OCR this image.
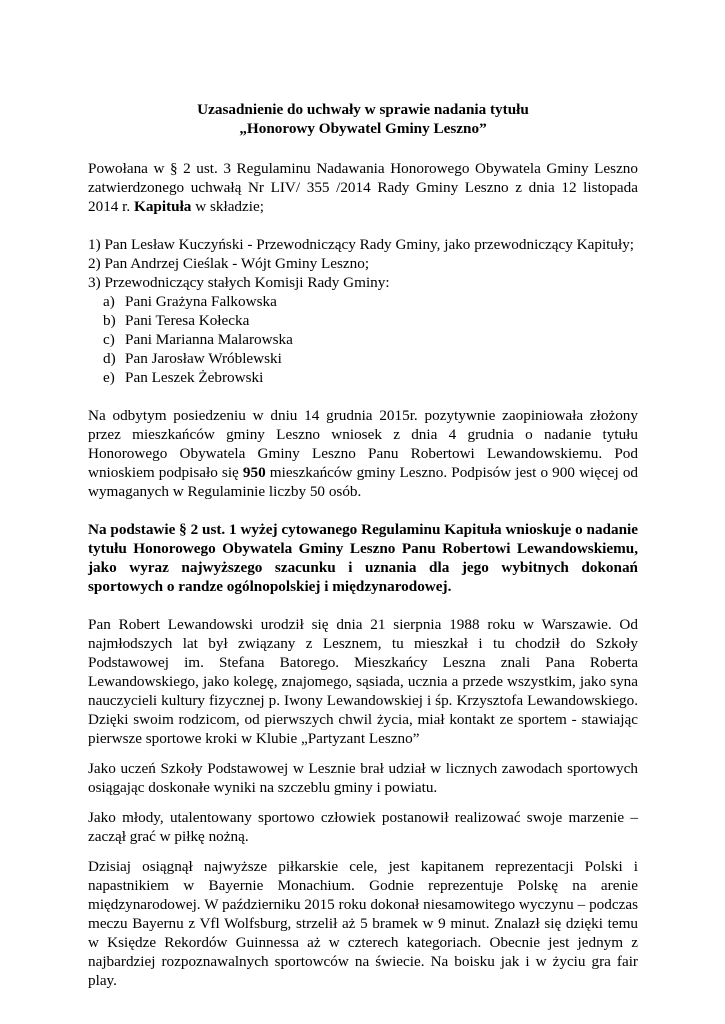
Uzasadnienie do uchwały w sprawie nadania tytułu
„Honorowy Obywatel Gminy Leszno”

Powołana w § 2 ust. 3 Regulaminu Nadawania Honorowego Obywatela Gminy Leszno zatwierdzonego uchwałą Nr LIV/ 355 /2014 Rady Gminy Leszno z dnia 12 listopada 2014 r. Kapituła w składzie;

1) Pan Lesław Kuczyński - Przewodniczący Rady Gminy, jako przewodniczący Kapituły;
2) Pan Andrzej Cieślak - Wójt Gminy Leszno;
3) Przewodniczący stałych Komisji Rady Gminy:
a) Pani Grażyna Falkowska
b) Pani Teresa Kołecka
c) Pani Marianna Malarowska
d) Pan Jarosław Wróblewski
e) Pan Leszek Żebrowski

Na odbytym posiedzeniu w dniu 14 grudnia 2015r. pozytywnie zaopiniowała złożony przez mieszkańców gminy Leszno wniosek z dnia 4 grudnia o nadanie tytułu Honorowego Obywatela Gminy Leszno Panu Robertowi Lewandowskiemu. Pod wnioskiem podpisało się 950 mieszkańców gminy Leszno. Podpisów jest o 900 więcej od wymaganych w Regulaminie liczby 50 osób.

Na podstawie § 2 ust. 1 wyżej cytowanego Regulaminu Kapituła wnioskuje o nadanie tytułu Honorowego Obywatela Gminy Leszno Panu Robertowi Lewandowskiemu, jako wyraz najwyższego szacunku i uznania dla jego wybitnych dokonań sportowych o randze ogólnopolskiej i międzynarodowej.

Pan Robert Lewandowski urodził się dnia 21 sierpnia 1988 roku w Warszawie. Od najmłodszych lat był związany z Lesznem, tu mieszkał i tu chodził do Szkoły Podstawowej im. Stefana Batorego. Mieszkańcy Leszna znali Pana Roberta Lewandowskiego, jako kolegę, znajomego, sąsiada, ucznia a przede wszystkim, jako syna nauczycieli kultury fizycznej p. Iwony Lewandowskiej i śp. Krzysztofa Lewandowskiego. Dzięki swoim rodzicom, od pierwszych chwil życia, miał kontakt ze sportem - stawiając pierwsze sportowe kroki w Klubie „Partyzant Leszno”

Jako uczeń Szkoły Podstawowej w Lesznie brał udział w licznych zawodach sportowych osiągając doskonałe wyniki na szczeblu gminy i powiatu.

Jako młody, utalentowany sportowo człowiek postanowił realizować swoje marzenie – zaczął grać w piłkę nożną.

Dzisiaj osiągnął najwyższe piłkarskie cele, jest kapitanem reprezentacji Polski i napastnikiem w Bayernie Monachium. Godnie reprezentuje Polskę na arenie międzynarodowej. W październiku 2015 roku dokonał niesamowitego wyczynu – podczas meczu Bayernu z Vfl Wolfsburg, strzelił aż 5 bramek w 9 minut. Znalazł się dzięki temu w Księdze Rekordów Guinnessa aż w czterech kategoriach. Obecnie jest jednym z najbardziej rozpoznawalnych sportowców na świecie. Na boisku jak i w życiu gra fair play.
